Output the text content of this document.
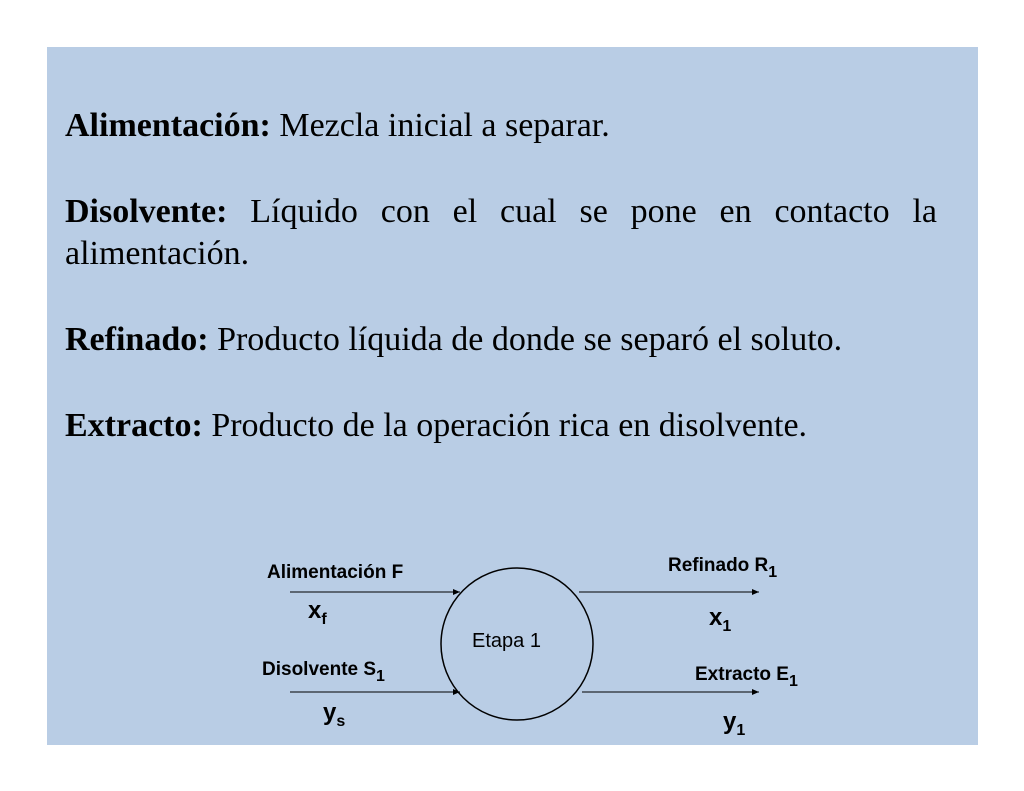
Alimentación: Mezcla inicial a separar.

Disolvente: Líquido con el cual se pone en contacto la alimentación.

Refinado: Producto líquida de donde se separó el soluto.

Extracto: Producto de la operación rica en disolvente.

Etapa 1
Alimentación F
xf
Disolvente $S_1$
ys
Refinado $R_1$
x1
Extracto $E_1$
y1
